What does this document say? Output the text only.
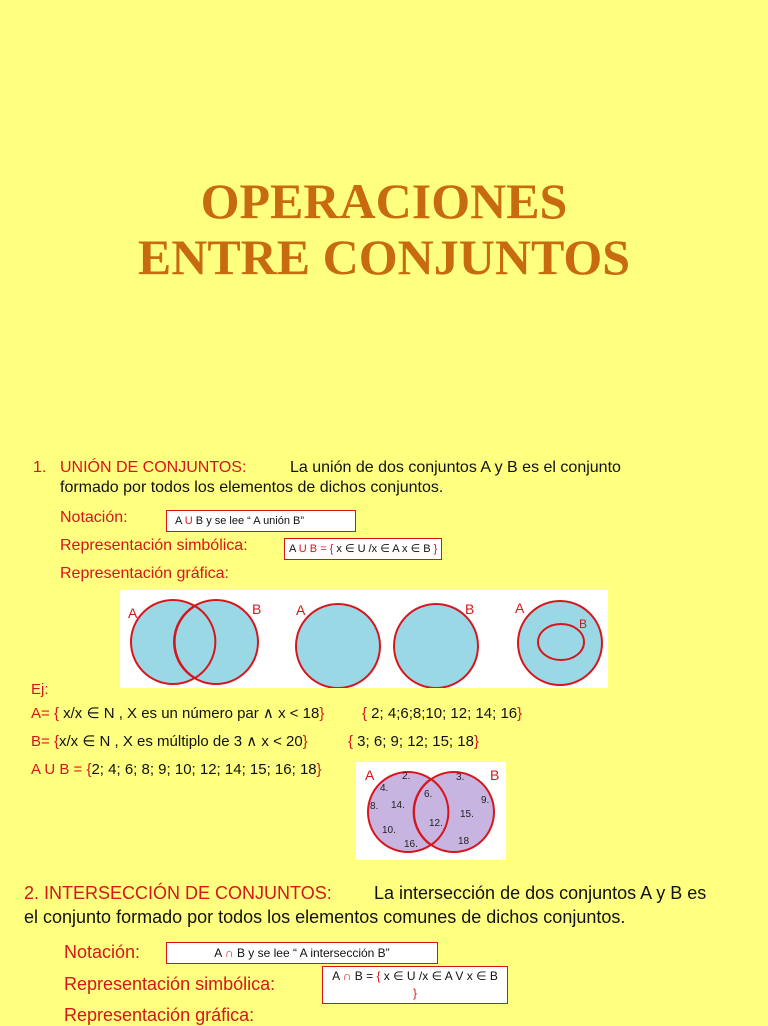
OPERACIONES
ENTRE CONJUNTOS
1. UNIÓN DE CONJUNTOS:	La unión de dos conjuntos A y B es el conjunto
formado por todos los elementos de dichos conjuntos.
Notación:	A U B y se lee “ A unión B”
Representación simbólica:	A U B = { x ∈ U /x ∈ A x ∈ B }
Representación gráfica:
A	B A	B	A
B
Ej:
A= { x/x ∈ N , X es un número par ∧ x < 18}	{ 2; 4;6;8;10; 12; 14; 16}
B= {x/x ∈ N , X es múltiplo de 3 ∧ x < 20}	{ 3; 6; 9; 12; 15; 18}
A U B = {2; 4; 6; 8; 9; 10; 12; 14; 15; 16; 18}	A	B
2.	3.
4.
6.
8. 14.	9.
15.
12.
10.
16.	18
2. INTERSECCIÓN DE CONJUNTOS: La intersección de dos conjuntos A y B es
el conjunto formado por todos los elementos comunes de dichos conjuntos.
Notación:	A ∩ B y se lee “ A intersección B”
Representación simbólica:	A ∩ B = { x ∈ U /x ∈ A V x ∈ B
}
Representación gráfica:
